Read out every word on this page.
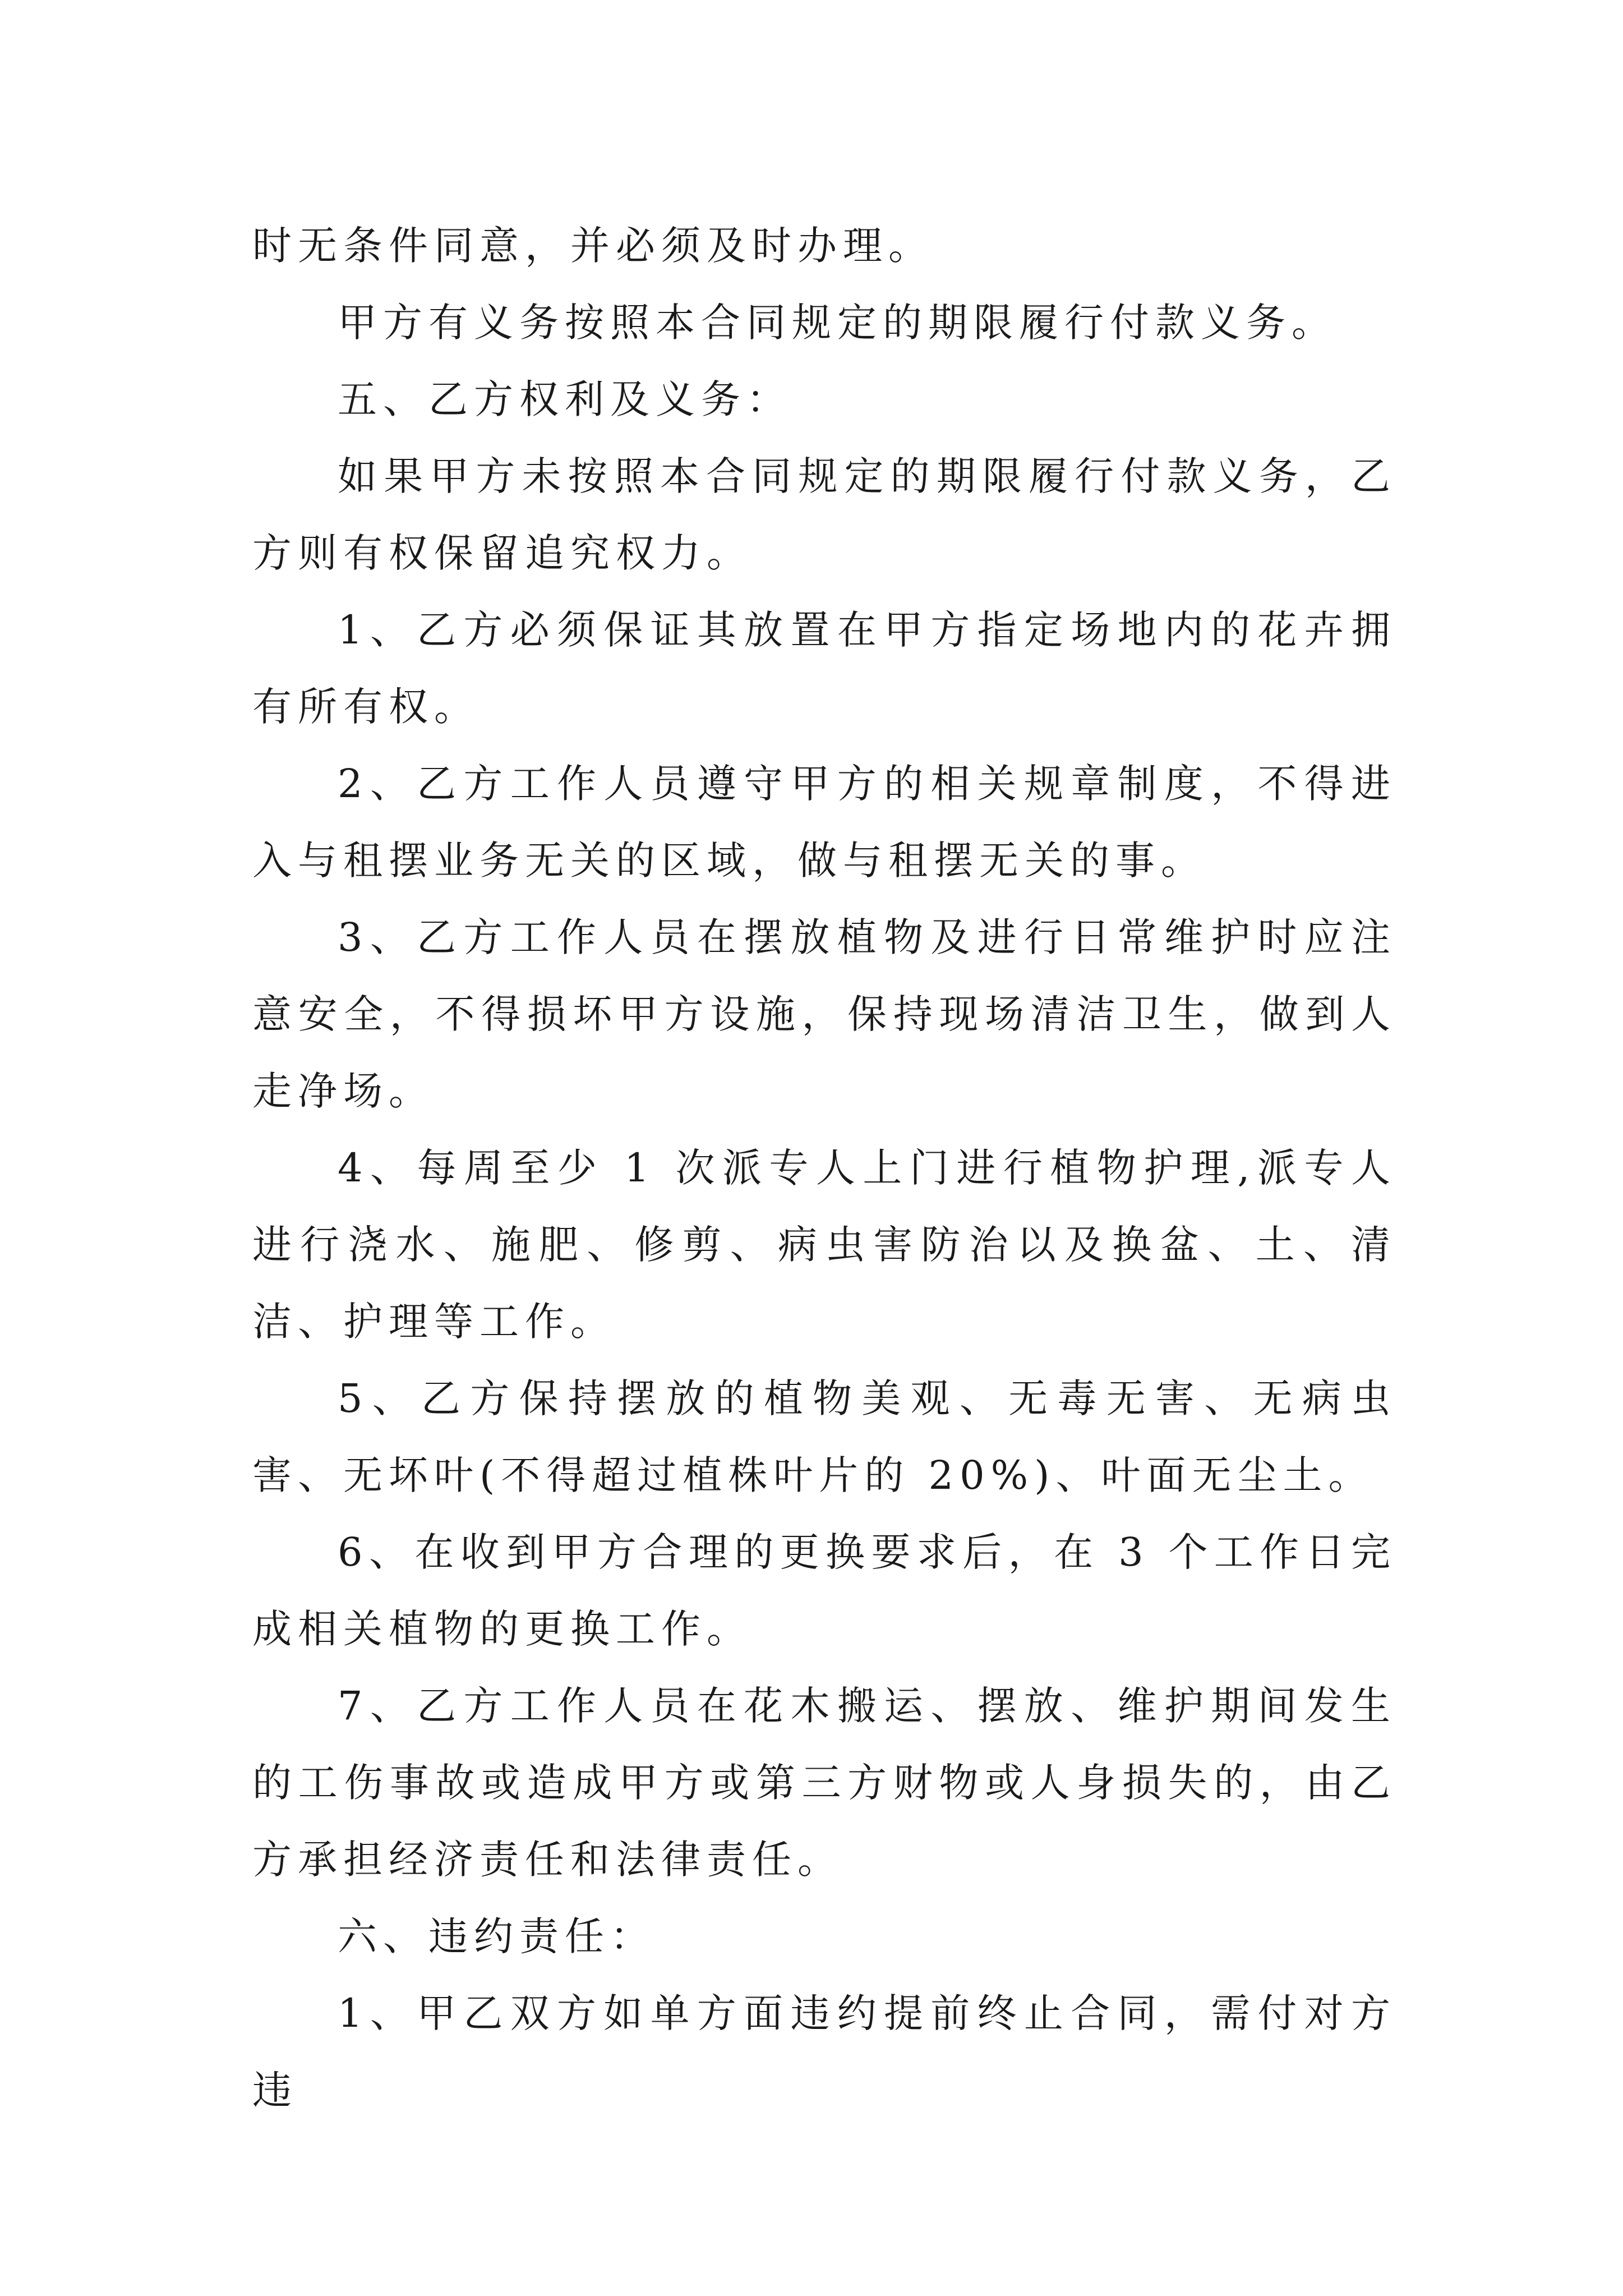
时无条件同意，并必须及时办理。

甲方有义务按照本合同规定的期限履行付款义务。

五、乙方权利及义务：

如果甲方未按照本合同规定的期限履行付款义务，乙方则有权保留追究权力。

1、乙方必须保证其放置在甲方指定场地内的花卉拥有所有权。

2、乙方工作人员遵守甲方的相关规章制度，不得进入与租摆业务无关的区域，做与租摆无关的事。

3、乙方工作人员在摆放植物及进行日常维护时应注意安全，不得损坏甲方设施，保持现场清洁卫生，做到人走净场。

4、每周至少 1 次派专人上门进行植物护理,派专人进行浇水、施肥、修剪、病虫害防治以及换盆、土、清洁、护理等工作。

5、乙方保持摆放的植物美观、无毒无害、无病虫害、无坏叶(不得超过植株叶片的 20%)、叶面无尘土。

6、在收到甲方合理的更换要求后，在 3 个工作日完成相关植物的更换工作。

7、乙方工作人员在花木搬运、摆放、维护期间发生的工伤事故或造成甲方或第三方财物或人身损失的，由乙方承担经济责任和法律责任。

六、违约责任：

1、甲乙双方如单方面违约提前终止合同，需付对方违
